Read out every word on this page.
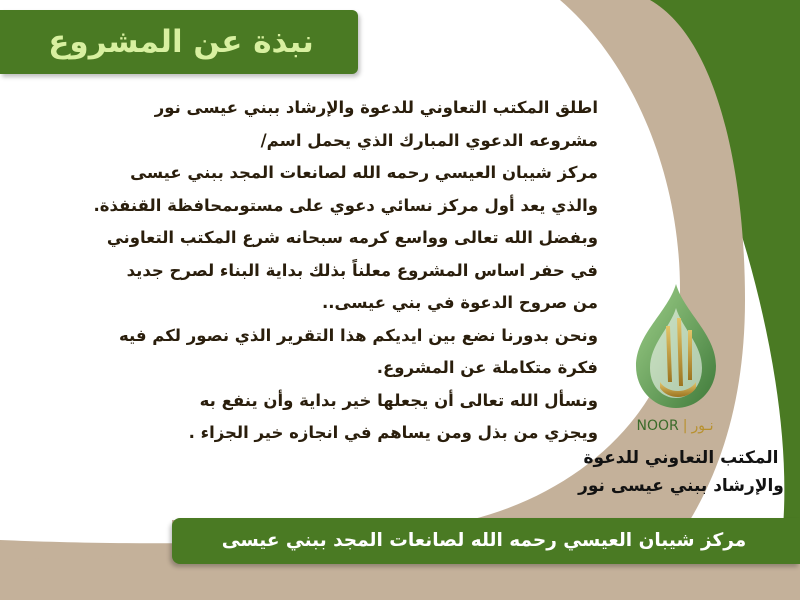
نبذة عن المشروع
اطلق المكتب التعاوني للدعوة والإرشاد ببني عيسى نور
مشروعه الدعوي المبارك الذي يحمل اسم/
مركز شيبان العيسي رحمه الله لصانعات المجد ببني عيسى
والذي يعد أول مركز نسائي دعوي على مستوىمحافظة القنفذة.
وبفضل الله تعالى وواسع كرمه سبحانه شرع المكتب التعاوني
في حفر اساس المشروع معلناً بذلك بداية البناء لصرح جديد
من صروح الدعوة في بني عيسى..
ونحن بدورنا نضع بين ايديكم هذا التقرير الذي نصور لكم فيه
فكرة متكاملة عن المشروع.
ونسأل الله تعالى أن يجعلها خير بداية وأن ينفع به
ويجزي من بذل ومن يساهم في انجازه خير الجزاء .	NOOR | نـور
المكتب التعاوني للدعوة
والإرشاد ببني عيسى نور
مركز شيبان العيسي رحمه الله لصانعات المجد ببني عيسى
